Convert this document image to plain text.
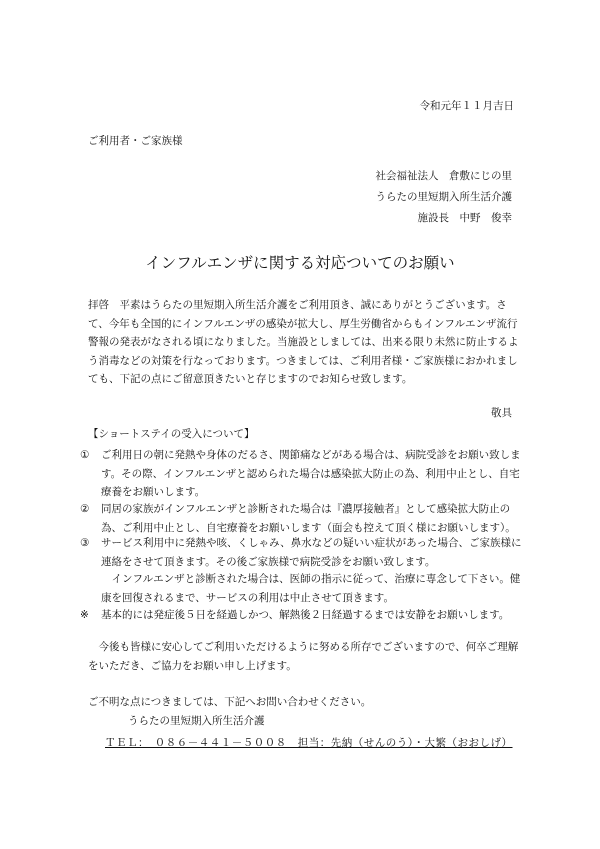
令和元年１１月吉日
ご利用者・ご家族様
社会福祉法人　倉敷にじの里
うらたの里短期入所生活介護
施設長　中野　俊幸
インフルエンザに関する対応ついてのお願い
拝啓　平素はうらたの里短期入所生活介護をご利用頂き、誠にありがとうございます。さて、今年も全国的にインフルエンザの感染が拡大し、厚生労働省からもインフルエンザ流行警報の発表がなされる頃になりました。当施設としましては、出来る限り未然に防止するよう消毒などの対策を行なっております。つきましては、ご利用者様・ご家族様におかれましても、下記の点にご留意頂きたいと存じますのでお知らせ致します。
敬具
【ショートステイの受入について】
①	ご利用日の朝に発熱や身体のだるさ、関節痛などがある場合は、病院受診をお願い致します。その際、インフルエンザと認められた場合は感染拡大防止の為、利用中止とし、自宅療養をお願いします。
②	同居の家族がインフルエンザと診断された場合は『濃厚接触者』として感染拡大防止の為、ご利用中止とし、自宅療養をお願いします（面会も控えて頂く様にお願いします）。
③	サービス利用中に発熱や咳、くしゃみ、鼻水などの疑いい症状があった場合、ご家族様に連絡をさせて頂きます。その後ご家族様で病院受診をお願い致します。
インフルエンザと診断された場合は、医師の指示に従って、治療に専念して下さい。健康を回復されるまで、サービスの利用は中止させて頂きます。
※	基本的には発症後５日を経過しかつ、解熱後２日経過するまでは安静をお願いします。
今後も皆様に安心してご利用いただけるように努める所存でございますので、何卒ご理解をいただき、ご協力をお願い申し上げます。
ご不明な点につきましては、下記へお問い合わせください。
うらたの里短期入所生活介護
ＴＥＬ：　０８６－４４１－５００８　担当：先納（せんのう）・大繁（おおしげ）
